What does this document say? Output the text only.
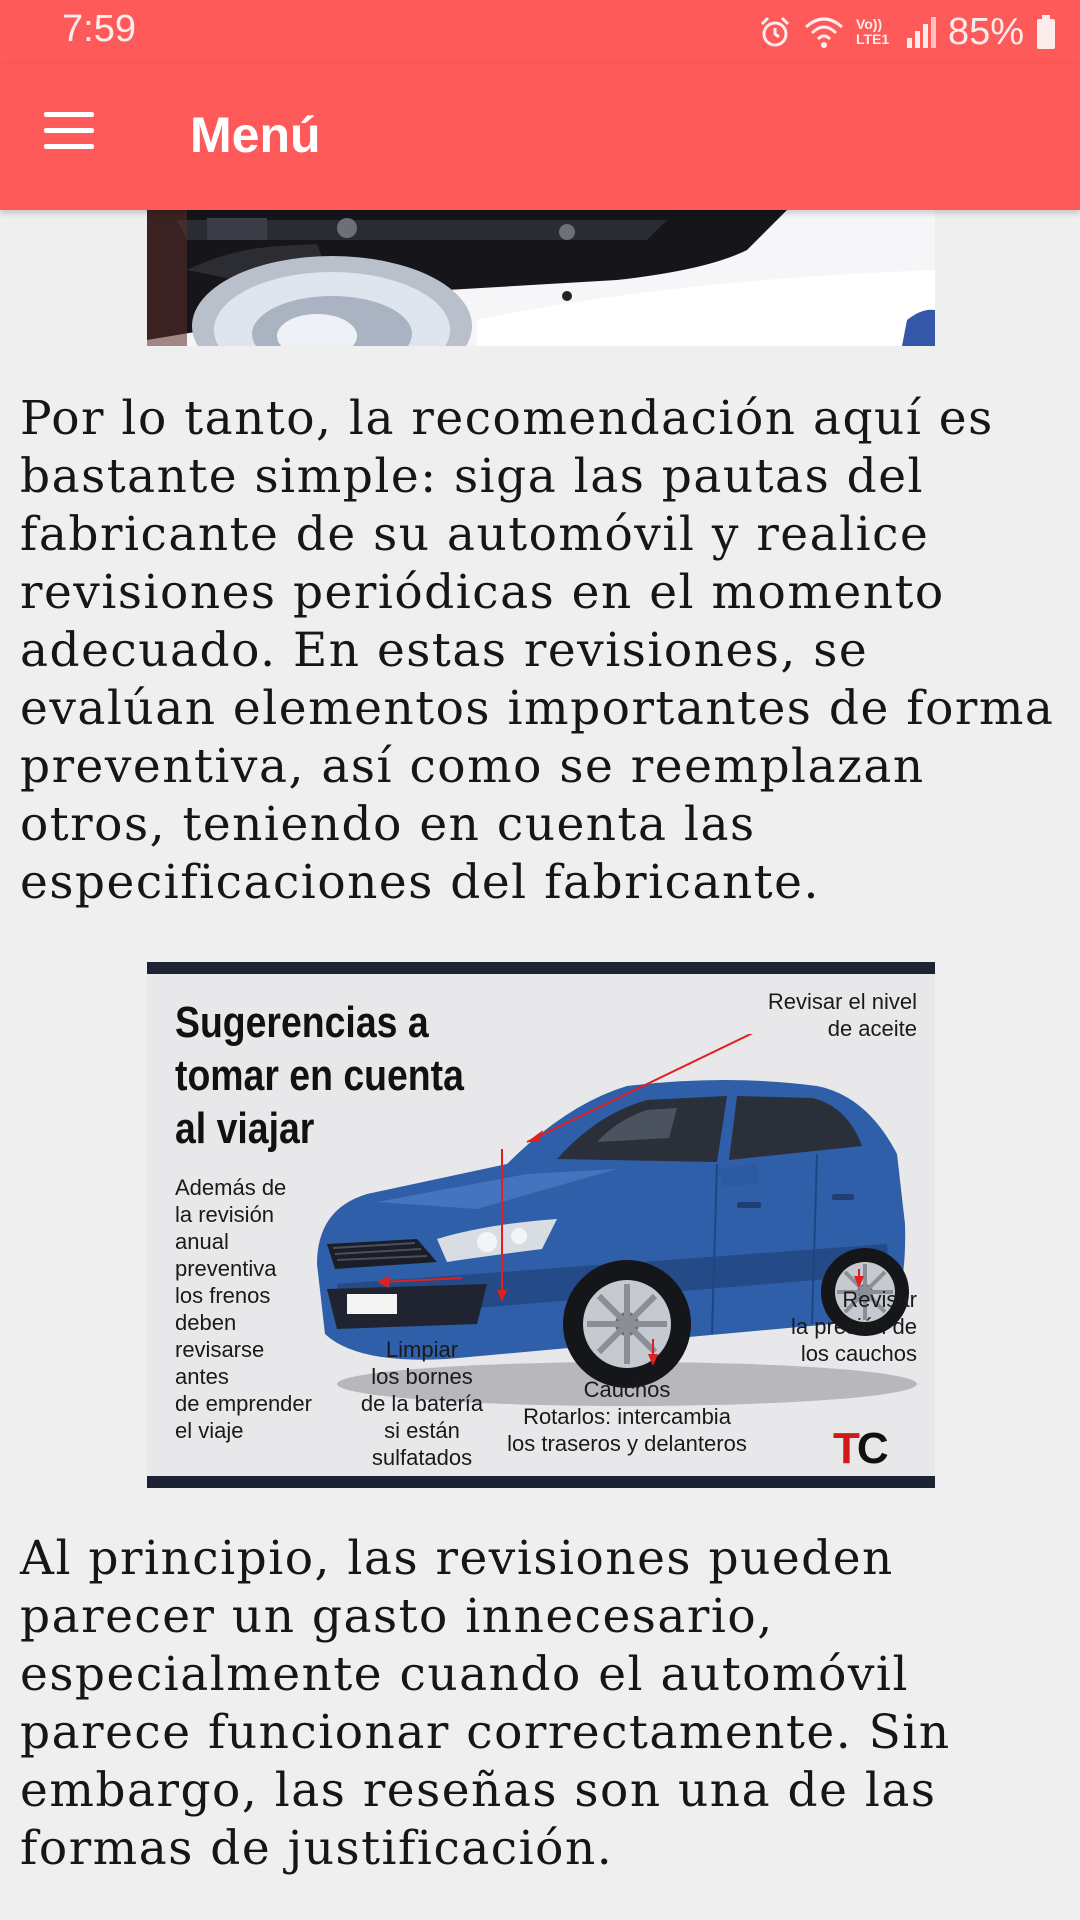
7:59	Vo)) LTE1 85%
Menú

Por lo tanto, la recomendación aquí es bastante simple: siga las pautas del fabricante de su automóvil y realice revisiones periódicas en el momento adecuado. En estas revisiones, se evalúan elementos importantes de forma preventiva, así como se reemplazan otros, teniendo en cuenta las especificaciones del fabricante.

Sugerencias a
tomar en cuenta
al viajar
Revisar el nivel
de aceite
Además de
la revisión
anual
preventiva
los frenos
deben
revisarse
antes
de emprender
el viaje
Limpiar
los bornes
de la batería
si están
sulfatados
Cauchos
Rotarlos: intercambia
los traseros y delanteros
Revisar
la presión de
los cauchos
TC

Al principio, las revisiones pueden parecer un gasto innecesario, especialmente cuando el automóvil parece funcionar correctamente. Sin embargo, las reseñas son una de las formas de justificación.
